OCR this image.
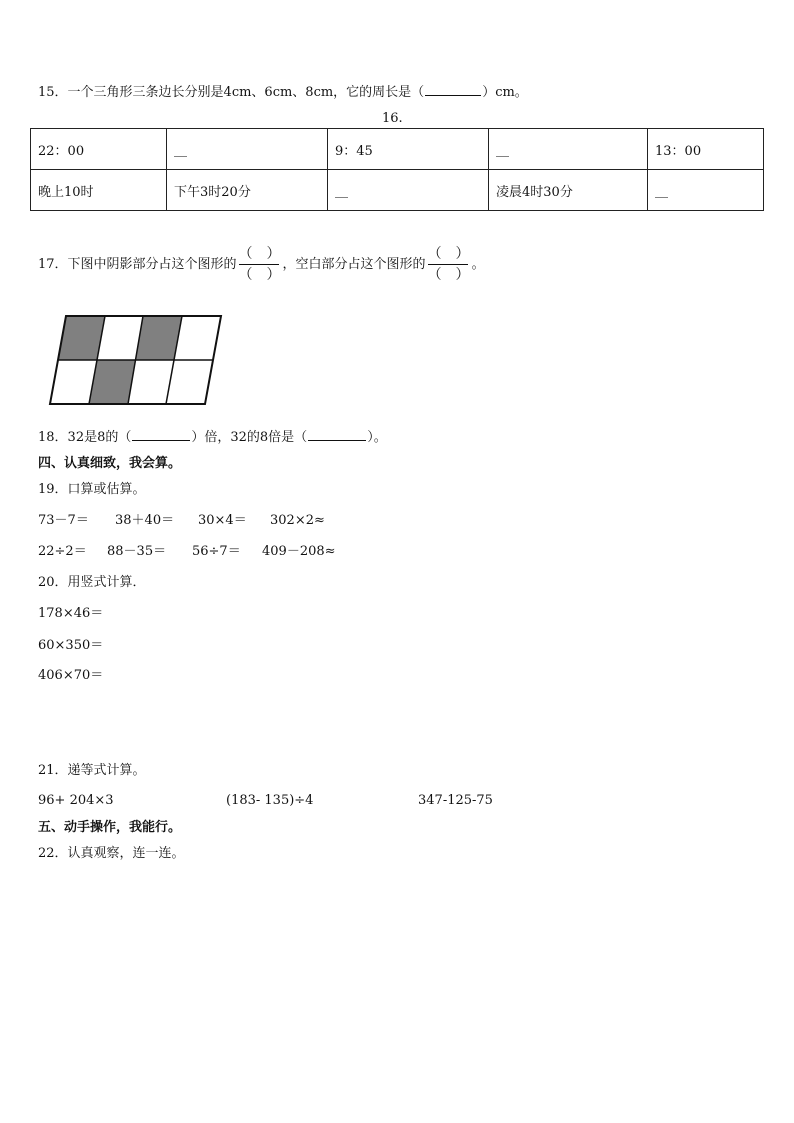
15．一个三角形三条边长分别是4cm、6cm、8cm，它的周长是（	）cm。
16.
22：00	＿	9：45	＿	13：00
晚上10时	下午3时20分	＿	凌晨4时30分	＿
17．下图中阴影部分占这个图形的 $\frac{( )}{( )}$ ，空白部分占这个图形的 $\frac{( )}{( )}$ 。
18．32是8的（	）倍，32的8倍是（	）。
四、认真细致，我会算。
19．口算或估算。
73－7＝ 38＋40＝ 30×4＝ 302×2≈
22÷2＝ 88－35＝ 56÷7＝ 409－208≈
20．用竖式计算．
178×46＝
60×350＝
406×70＝
21．递等式计算。
96+ 204×3	(183- 135)÷4	347-125-75
五、动手操作，我能行。
22．认真观察，连一连。
